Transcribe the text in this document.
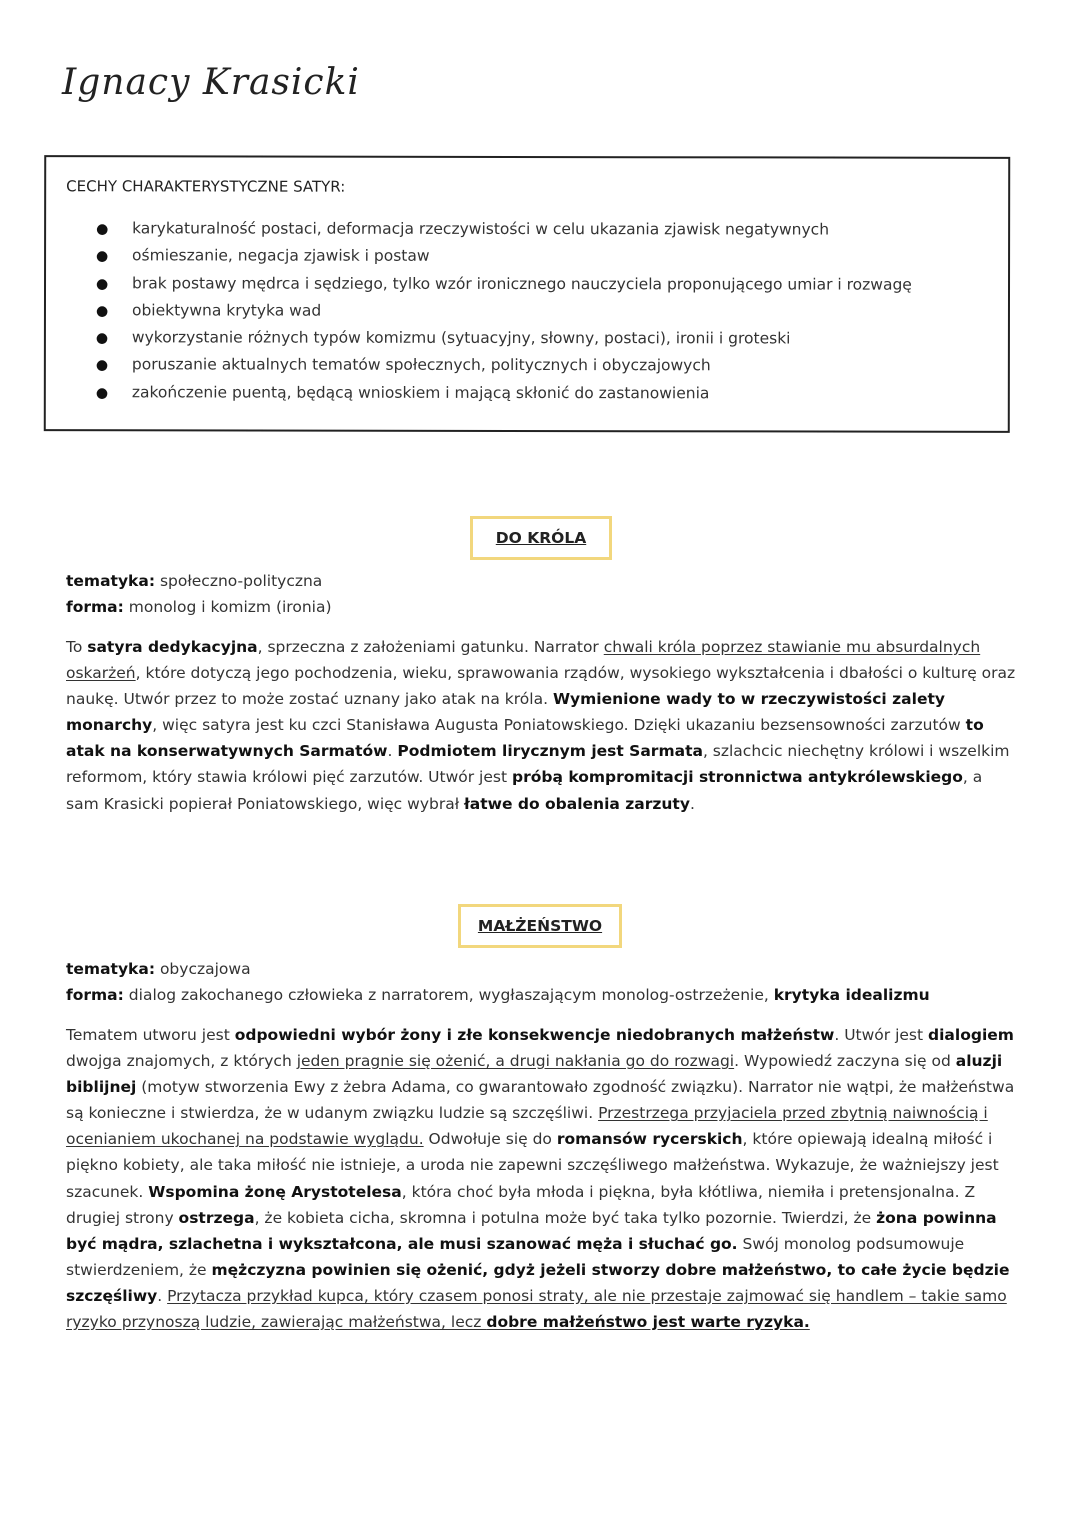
Ignacy Krasicki
CECHY CHARAKTERYSTYCZNE SATYR:
● karykaturalność postaci, deformacja rzeczywistości w celu ukazania zjawisk negatywnych
● ośmieszanie, negacja zjawisk i postaw
● brak postawy mędrca i sędziego, tylko wzór ironicznego nauczyciela proponującego umiar i rozwagę
● obiektywna krytyka wad
● wykorzystanie różnych typów komizmu (sytuacyjny, słowny, postaci), ironii i groteski
● poruszanie aktualnych tematów społecznych, politycznych i obyczajowych
● zakończenie puentą, będącą wnioskiem i mającą skłonić do zastanowienia
DO KRÓLA
tematyka: społeczno-polityczna
forma: monolog i komizm (ironia)
To satyra dedykacyjna, sprzeczna z założeniami gatunku. Narrator chwali króla poprzez stawianie mu absurdalnych oskarżeń, które dotyczą jego pochodzenia, wieku, sprawowania rządów, wysokiego wykształcenia i dbałości o kulturę oraz naukę. Utwór przez to może zostać uznany jako atak na króla. Wymienione wady to w rzeczywistości zalety monarchy, więc satyra jest ku czci Stanisława Augusta Poniatowskiego. Dzięki ukazaniu bezsensowności zarzutów to atak na konserwatywnych Sarmatów. Podmiotem lirycznym jest Sarmata, szlachcic niechętny królowi i wszelkim reformom, który stawia królowi pięć zarzutów. Utwór jest próbą kompromitacji stronnictwa antykrólewskiego, a sam Krasicki popierał Poniatowskiego, więc wybrał łatwe do obalenia zarzuty.
MAŁŻEŃSTWO
tematyka: obyczajowa
forma: dialog zakochanego człowieka z narratorem, wygłaszającym monolog-ostrzeżenie, krytyka idealizmu
Tematem utworu jest odpowiedni wybór żony i złe konsekwencje niedobranych małżeństw. Utwór jest dialogiem dwojga znajomych, z których jeden pragnie się ożenić, a drugi nakłania go do rozwagi. Wypowiedź zaczyna się od aluzji biblijnej (motyw stworzenia Ewy z żebra Adama, co gwarantowało zgodność związku). Narrator nie wątpi, że małżeństwa są konieczne i stwierdza, że w udanym związku ludzie są szczęśliwi. Przestrzega przyjaciela przed zbytnią naiwnością i ocenianiem ukochanej na podstawie wyglądu. Odwołuje się do romansów rycerskich, które opiewają idealną miłość i piękno kobiety, ale taka miłość nie istnieje, a uroda nie zapewni szczęśliwego małżeństwa. Wykazuje, że ważniejszy jest szacunek. Wspomina żonę Arystotelesa, która choć była młoda i piękna, była kłótliwa, niemiła i pretensjonalna. Z drugiej strony ostrzega, że kobieta cicha, skromna i potulna może być taka tylko pozornie. Twierdzi, że żona powinna być mądra, szlachetna i wykształcona, ale musi szanować męża i słuchać go. Swój monolog podsumowuje stwierdzeniem, że mężczyzna powinien się ożenić, gdyż jeżeli stworzy dobre małżeństwo, to całe życie będzie szczęśliwy. Przytacza przykład kupca, który czasem ponosi straty, ale nie przestaje zajmować się handlem – takie samo ryzyko przynoszą ludzie, zawierając małżeństwa, lecz dobre małżeństwo jest warte ryzyka.
